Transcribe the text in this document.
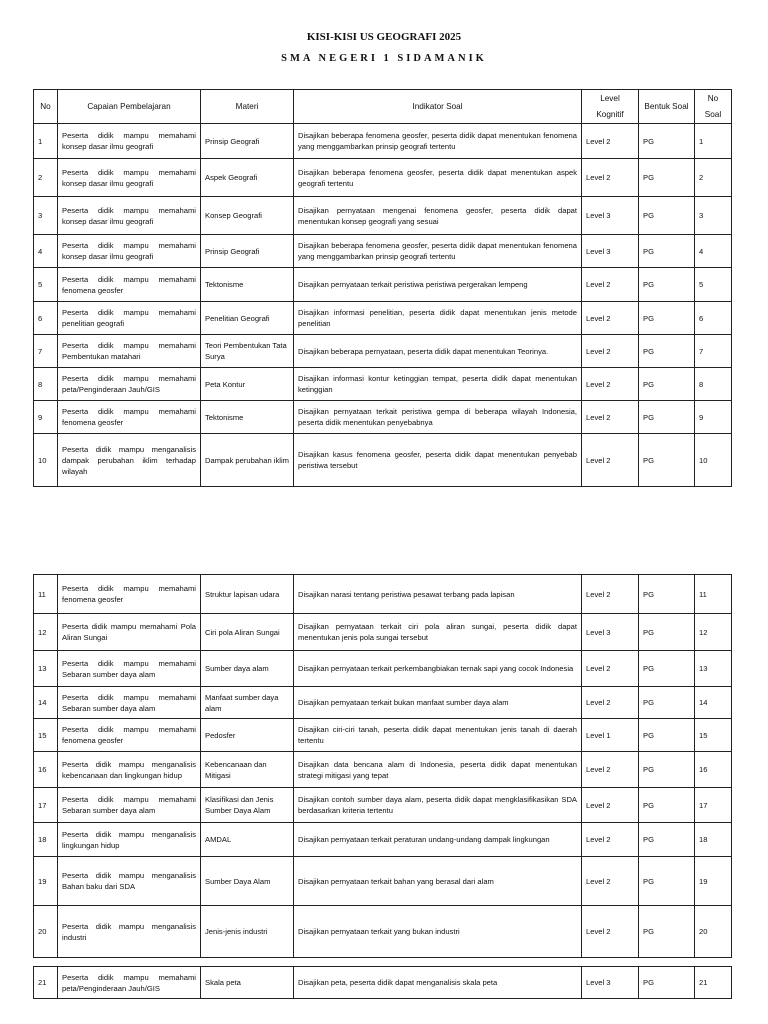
KISI-KISI US GEOGRAFI 2025
SMA NEGERI 1 SIDAMANIK
No	Capaian Pembelajaran	Materi	Indikator Soal	Level Kognitif	Bentuk Soal	No Soal
1	Peserta didik mampu memahami konsep dasar ilmu geografi	Prinsip Geografi	Disajikan beberapa fenomena geosfer, peserta didik dapat menentukan fenomena yang menggambarkan prinsip geografi tertentu	Level 2	PG	1
2	Peserta didik mampu memahami konsep dasar ilmu geografi	Aspek Geografi	Disajikan beberapa fenomena geosfer, peserta didik dapat menentukan aspek geografi tertentu	Level 2	PG	2
3	Peserta didik mampu memahami konsep dasar ilmu geografi	Konsep Geografi	Disajikan pernyataan mengenai fenomena geosfer, peserta didik dapat menentukan konsep geografi yang sesuai	Level 3	PG	3
4	Peserta didik mampu memahami konsep dasar ilmu geografi	Prinsip Geografi	Disajikan beberapa fenomena geosfer, peserta didik dapat menentukan fenomena yang menggambarkan prinsip geografi tertentu	Level 3	PG	4
5	Peserta didik mampu memahami fenomena geosfer	Tektonisme	Disajikan pernyataan terkait peristiwa peristiwa pergerakan lempeng	Level 2	PG	5
6	Peserta didik mampu memahami penelitian geografi	Penelitian Geografi	Disajikan informasi penelitian, peserta didik dapat menentukan jenis metode penelitian	Level 2	PG	6
7	Peserta didik mampu memahami Pembentukan matahari	Teori Pembentukan Tata Surya	Disajikan beberapa pernyataan, peserta didik dapat menentukan Teorinya.	Level 2	PG	7
8	Peserta didik mampu memahami peta/Penginderaan Jauh/GIS	Peta Kontur	Disajikan informasi kontur ketinggian tempat, peserta didik dapat menentukan ketinggian	Level 2	PG	8
9	Peserta didik mampu memahami fenomena geosfer	Tektonisme	Disajikan pernyataan terkait peristiwa gempa di beberapa wilayah Indonesia, peserta didik menentukan penyebabnya	Level 2	PG	9
10	Peserta didik mampu menganalisis dampak perubahan iklim terhadap wilayah	Dampak perubahan iklim	Disajikan kasus fenomena geosfer, peserta didik dapat menentukan penyebab peristiwa tersebut	Level 2	PG	10
11	Peserta didik mampu memahami fenomena geosfer	Struktur lapisan udara	Disajikan narasi tentang peristiwa pesawat terbang pada lapisan	Level 2	PG	11
12	Peserta didik mampu memahami Pola Aliran Sungai	Ciri pola Aliran Sungai	Disajikan pernyataan terkait ciri pola aliran sungai, peserta didik dapat menentukan jenis pola sungai tersebut	Level 3	PG	12
13	Peserta didik mampu memahami Sebaran sumber daya alam	Sumber daya alam	Disajikan pernyataan terkait perkembangbiakan ternak sapi yang cocok Indonesia	Level 2	PG	13
14	Peserta didik mampu memahami Sebaran sumber daya alam	Manfaat sumber daya alam	Disajikan pernyataan terkait bukan manfaat sumber daya alam	Level 2	PG	14
15	Peserta didik mampu memahami fenomena geosfer	Pedosfer	Disajikan ciri-ciri tanah, peserta didik dapat menentukan jenis tanah di daerah tertentu	Level 1	PG	15
16	Peserta didik mampu menganalisis kebencanaan dan lingkungan hidup	Kebencanaan dan Mitigasi	Disajikan data bencana alam di Indonesia, peserta didik dapat menentukan strategi mitigasi yang tepat	Level 2	PG	16
17	Peserta didik mampu memahami Sebaran sumber daya alam	Klasifikasi dan Jenis Sumber Daya Alam	Disajikan contoh sumber daya alam, peserta didik dapat mengklasifikasikan SDA berdasarkan kriteria tertentu	Level 2	PG	17
18	Peserta didik mampu menganalisis lingkungan hidup	AMDAL	Disajikan pernyataan terkait peraturan undang-undang dampak lingkungan	Level 2	PG	18
19	Peserta didik mampu menganalisis Bahan baku dari SDA	Sumber Daya Alam	Disajikan pernyataan terkait bahan yang berasal dari alam	Level 2	PG	19
20	Peserta didik mampu menganalisis industri	Jenis-jenis industri	Disajikan pernyataan terkait yang bukan industri	Level 2	PG	20
21	Peserta didik mampu memahami peta/Penginderaan Jauh/GIS	Skala peta	Disajikan peta, peserta didik dapat menganalisis skala peta	Level 3	PG	21
